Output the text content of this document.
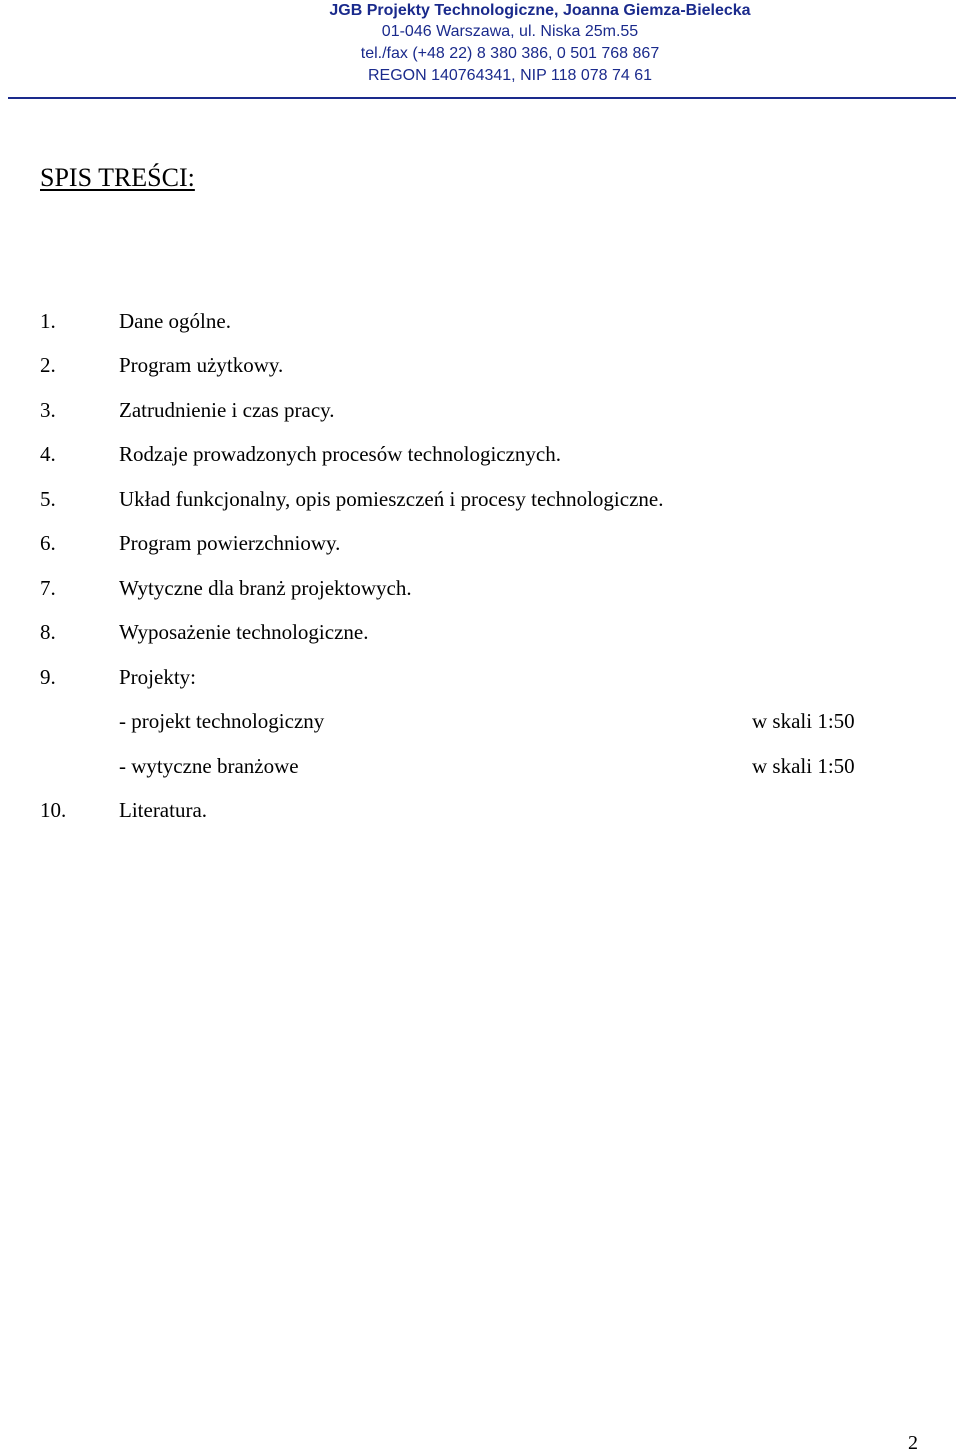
JGB Projekty Technologiczne, Joanna Giemza-Bielecka
01-046 Warszawa, ul. Niska 25m.55
tel./fax (+48 22) 8 380 386, 0 501 768 867
REGON 140764341, NIP 118 078 74 61
SPIS TREŚCI:
1.	Dane ogólne.
2.	Program użytkowy.
3.	Zatrudnienie i czas pracy.
4.	Rodzaje prowadzonych procesów technologicznych.
5.	Układ funkcjonalny, opis pomieszczeń i procesy technologiczne.
6.	Program powierzchniowy.
7.	Wytyczne dla branż projektowych.
8.	Wyposażenie technologiczne.
9.	Projekty:
- projekt technologiczny	w skali 1:50
- wytyczne branżowe	w skali 1:50
10.	Literatura.
2
